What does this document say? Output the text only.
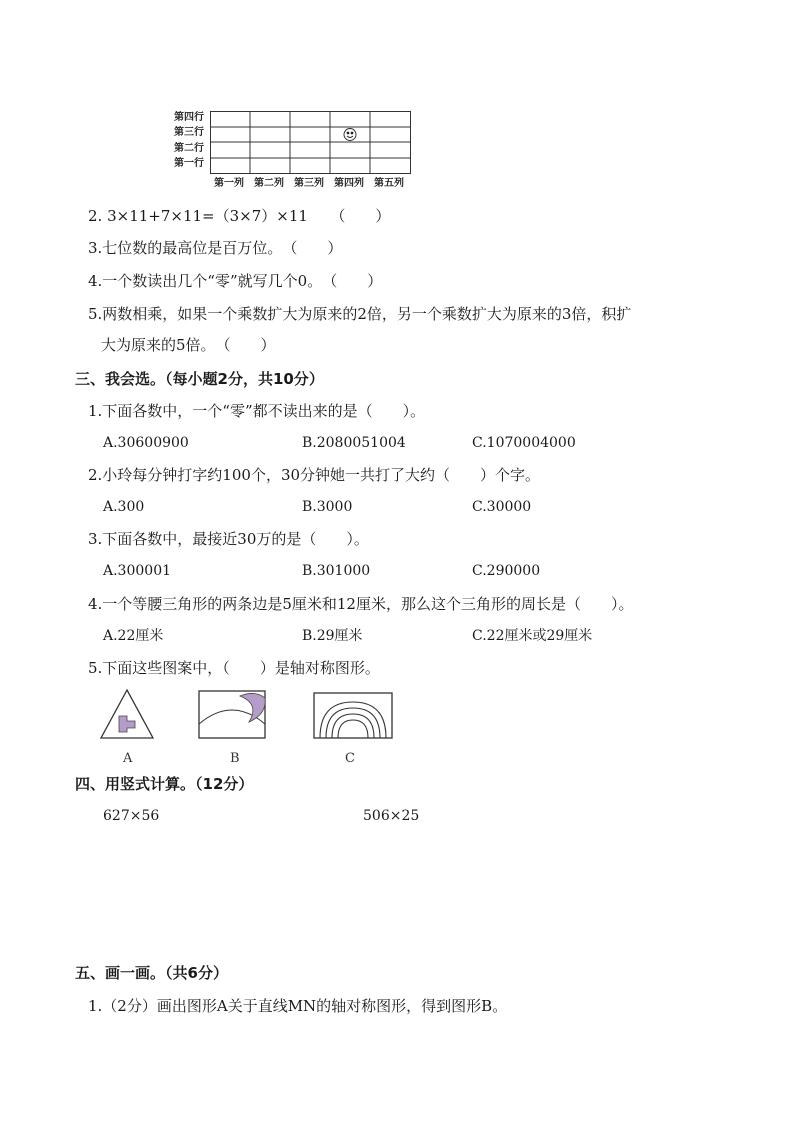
第四行
第三行
第二行
第一行
第一列 第二列 第三列 第四列 第五列
2. 3×11+7×11=（3×7）×11　　（　　）
3.七位数的最高位是百万位。　（　　）
4.一个数读出几个“零”就写几个0。　（　　）
5.两数相乘，如果一个乘数扩大为原来的2倍，另一个乘数扩大为原来的3倍，积扩
大为原来的5倍。　（　　）
三、我会选。（每小题2分，共10分）
1.下面各数中，一个“零”都不读出来的是（　　）。
A.30600900	B.2080051004	C.1070004000
2.小玲每分钟打字约100个，30分钟她一共打了大约（　　）个字。
A.300	B.3000	C.30000
3.下面各数中，最接近30万的是（　　）。
A.300001	B.301000	C.290000
4.一个等腰三角形的两条边是5厘米和12厘米，那么这个三角形的周长是（　　）。
A.22厘米	B.29厘米	C.22厘米或29厘米
5.下面这些图案中，（　　）是轴对称图形。
A	B	C
四、用竖式计算。（12分）
627×56	506×25
五、画一画。（共6分）
1.（2分）画出图形A关于直线MN的轴对称图形，得到图形B。
